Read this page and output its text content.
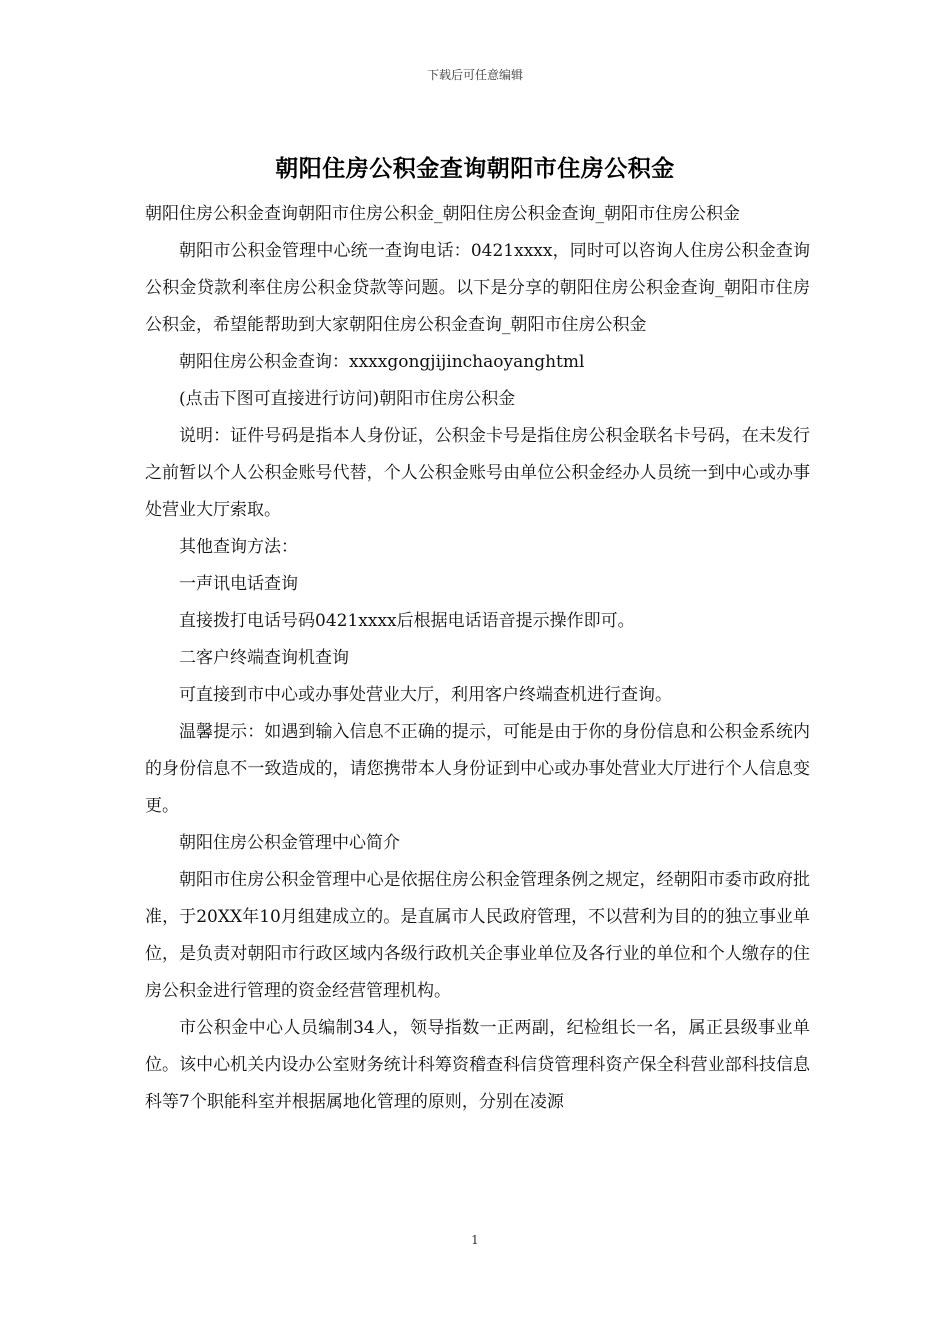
下载后可任意编辑
朝阳住房公积金查询朝阳市住房公积金

朝阳住房公积金查询朝阳市住房公积金_朝阳住房公积金查询_朝阳市住房公积金

朝阳市公积金管理中心统一查询电话：0421xxxx，同时可以咨询人住房公积金查询公积金贷款利率住房公积金贷款等问题。以下是分享的朝阳住房公积金查询_朝阳市住房公积金，希望能帮助到大家朝阳住房公积金查询_朝阳市住房公积金

朝阳住房公积金查询：xxxxgongjijinchaoyanghtml

(点击下图可直接进行访问)朝阳市住房公积金

说明：证件号码是指本人身份证，公积金卡号是指住房公积金联名卡号码，在未发行之前暂以个人公积金账号代替，个人公积金账号由单位公积金经办人员统一到中心或办事处营业大厅索取。

其他查询方法：

一声讯电话查询

直接拨打电话号码0421xxxx后根据电话语音提示操作即可。

二客户终端查询机查询

可直接到市中心或办事处营业大厅，利用客户终端查机进行查询。

温馨提示：如遇到输入信息不正确的提示，可能是由于你的身份信息和公积金系统内的身份信息不一致造成的，请您携带本人身份证到中心或办事处营业大厅进行个人信息变更。

朝阳住房公积金管理中心简介

朝阳市住房公积金管理中心是依据住房公积金管理条例之规定，经朝阳市委市政府批准，于20XX年10月组建成立的。是直属市人民政府管理，不以营利为目的的独立事业单位，是负责对朝阳市行政区域内各级行政机关企事业单位及各行业的单位和个人缴存的住房公积金进行管理的资金经营管理机构。

市公积金中心人员编制34人，领导指数一正两副，纪检组长一名，属正县级事业单位。该中心机关内设办公室财务统计科筹资稽查科信贷管理科资产保全科营业部科技信息科等7个职能科室并根据属地化管理的原则，分别在凌源

1
